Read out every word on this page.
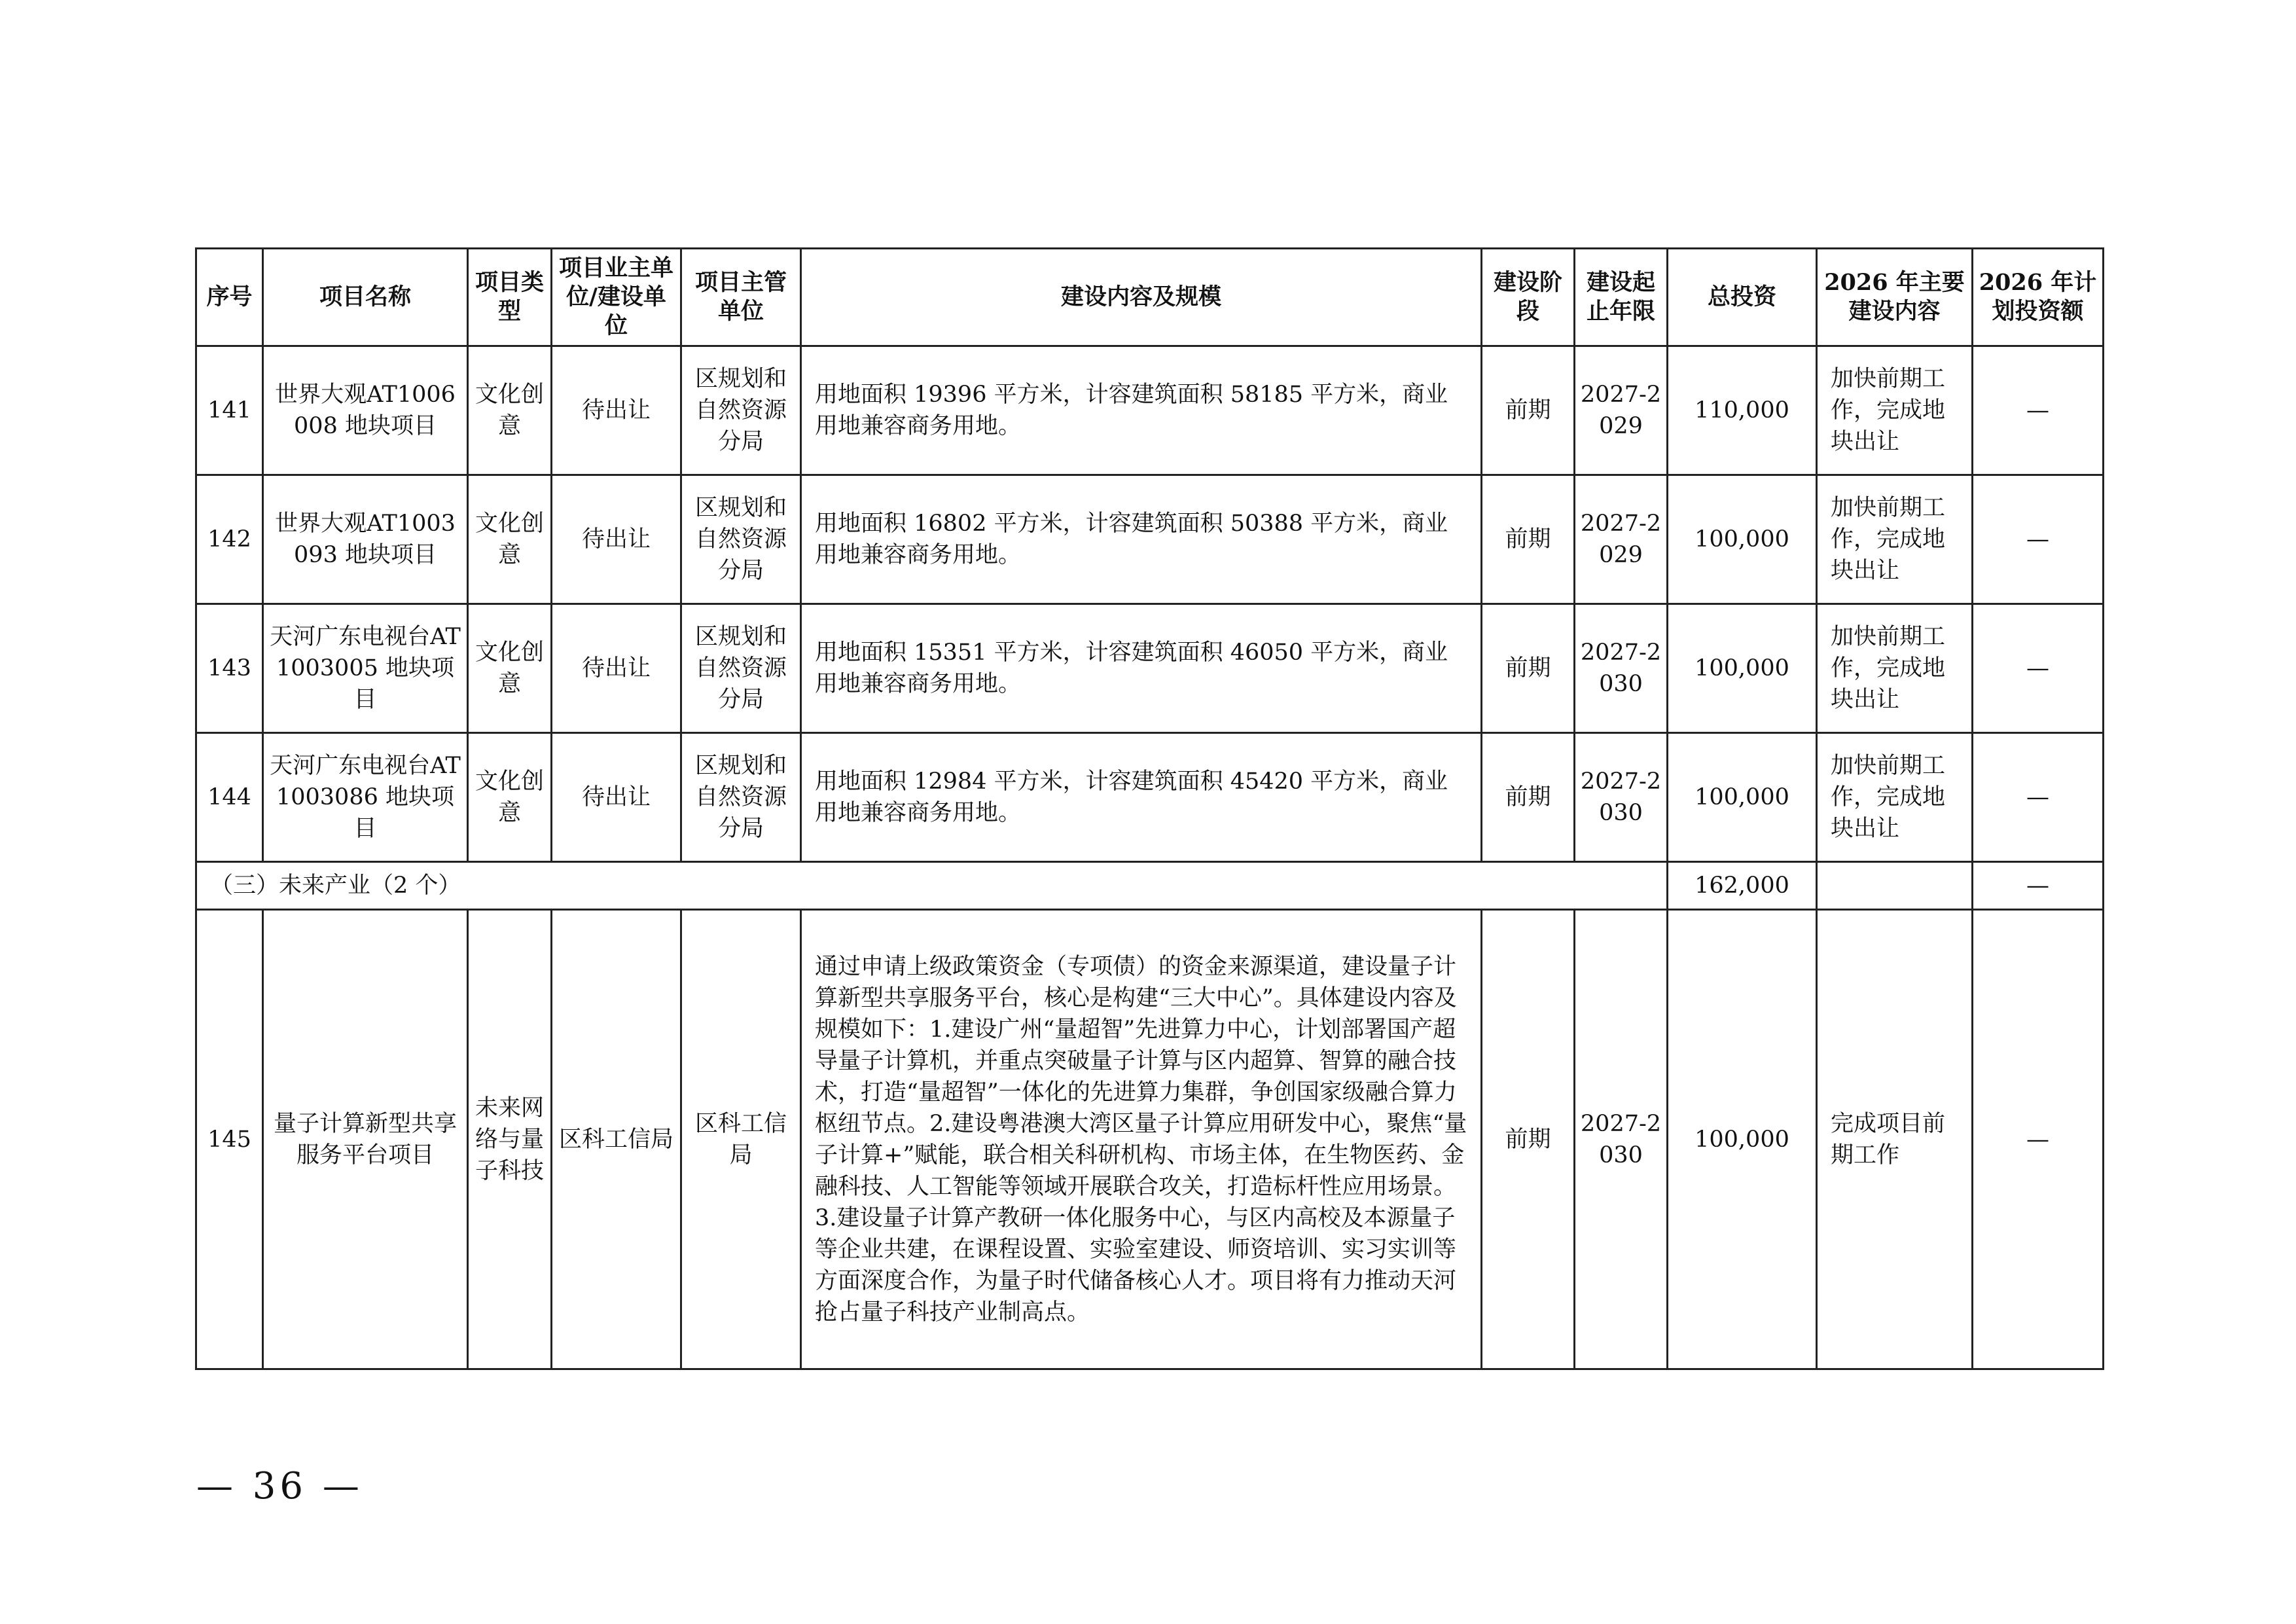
序号	项目名称	项目类型	项目业主单位/建设单位	项目主管单位	建设内容及规模	建设阶段	建设起止年限	总投资	2026 年主要建设内容	2026 年计划投资额
141	世界大观AT1006008 地块项目	文化创意	待出让	区规划和自然资源分局	用地面积 19396 平方米，计容建筑面积 58185 平方米，商业用地兼容商务用地。	前期	2027-2029	110,000	加快前期工作，完成地块出让	—
142	世界大观AT1003093 地块项目	文化创意	待出让	区规划和自然资源分局	用地面积 16802 平方米，计容建筑面积 50388 平方米，商业用地兼容商务用地。	前期	2027-2029	100,000	加快前期工作，完成地块出让	—
143	天河广东电视台AT1003005 地块项目	文化创意	待出让	区规划和自然资源分局	用地面积 15351 平方米，计容建筑面积 46050 平方米，商业用地兼容商务用地。	前期	2027-2030	100,000	加快前期工作，完成地块出让	—
144	天河广东电视台AT1003086 地块项目	文化创意	待出让	区规划和自然资源分局	用地面积 12984 平方米，计容建筑面积 45420 平方米，商业用地兼容商务用地。	前期	2027-2030	100,000	加快前期工作，完成地块出让	—
（三）未来产业（2 个）								162,000		—
145	量子计算新型共享服务平台项目	未来网络与量子科技	区科工信局	区科工信局	通过申请上级政策资金（专项债）的资金来源渠道，建设量子计算新型共享服务平台，核心是构建“三大中心”。具体建设内容及规模如下：1.建设广州“量超智”先进算力中心，计划部署国产超导量子计算机，并重点突破量子计算与区内超算、智算的融合技术，打造“量超智”一体化的先进算力集群，争创国家级融合算力枢纽节点。2.建设粤港澳大湾区量子计算应用研发中心，聚焦“量子计算+”赋能，联合相关科研机构、市场主体，在生物医药、金融科技、人工智能等领域开展联合攻关，打造标杆性应用场景。3.建设量子计算产教研一体化服务中心，与区内高校及本源量子等企业共建，在课程设置、实验室建设、师资培训、实习实训等方面深度合作，为量子时代储备核心人才。项目将有力推动天河抢占量子科技产业制高点。	前期	2027-2030	100,000	完成项目前期工作	—
— 36 —
